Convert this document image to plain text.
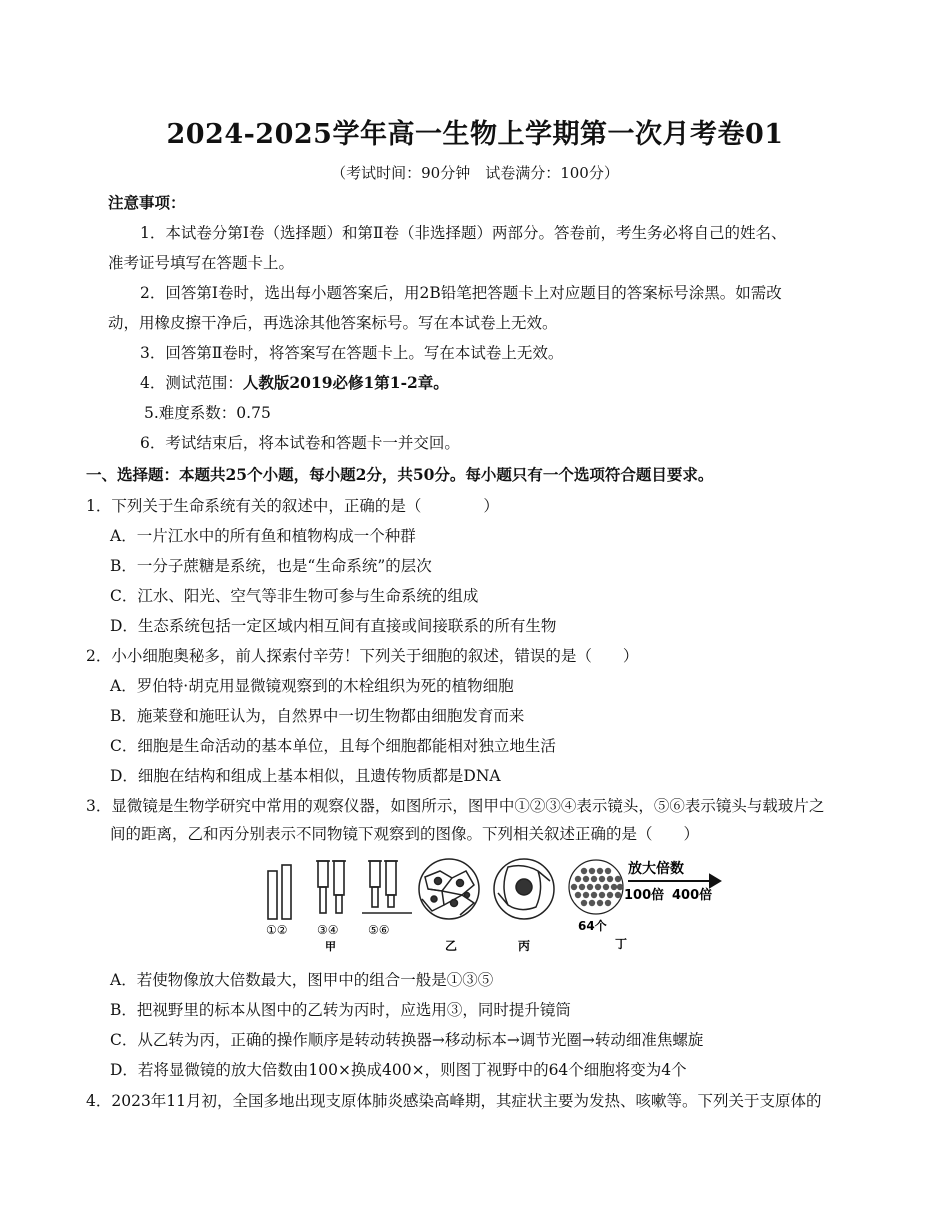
2024-2025学年高一生物上学期第一次月考卷01
（考试时间：90分钟　试卷满分：100分）
注意事项：
1．本试卷分第Ⅰ卷（选择题）和第Ⅱ卷（非选择题）两部分。答卷前，考生务必将自己的姓名、
准考证号填写在答题卡上。
2．回答第Ⅰ卷时，选出每小题答案后，用2B铅笔把答题卡上对应题目的答案标号涂黑。如需改
动，用橡皮擦干净后，再选涂其他答案标号。写在本试卷上无效。
3．回答第Ⅱ卷时，将答案写在答题卡上。写在本试卷上无效。
4．测试范围：人教版2019必修1第1-2章。
5.难度系数：0.75
6．考试结束后，将本试卷和答题卡一并交回。
一、选择题：本题共25个小题，每小题2分，共50分。每小题只有一个选项符合题目要求。
1．下列关于生命系统有关的叙述中，正确的是（　　　　）
A．一片江水中的所有鱼和植物构成一个种群
B．一分子蔗糖是系统，也是“生命系统”的层次
C．江水、阳光、空气等非生物可参与生命系统的组成
D．生态系统包括一定区域内相互间有直接或间接联系的所有生物
2．小小细胞奥秘多，前人探索付辛劳！下列关于细胞的叙述，错误的是（　　）
A．罗伯特·胡克用显微镜观察到的木栓组织为死的植物细胞
B．施莱登和施旺认为，自然界中一切生物都由细胞发育而来
C．细胞是生命活动的基本单位，且每个细胞都能相对独立地生活
D．细胞在结构和组成上基本相似，且遗传物质都是DNA
3．显微镜是生物学研究中常用的观察仪器，如图所示，图甲中①②③④表示镜头，⑤⑥表示镜头与载玻片之
间的距离，乙和丙分别表示不同物镜下观察到的图像。下列相关叙述正确的是（　　）
①② ③④ ⑤⑥
甲	乙	丙
64个
丁
放大倍数
100倍 400倍
A．若使物像放大倍数最大，图甲中的组合一般是①③⑤
B．把视野里的标本从图中的乙转为丙时，应选用③，同时提升镜筒
C．从乙转为丙，正确的操作顺序是转动转换器→移动标本→调节光圈→转动细准焦螺旋
D．若将显微镜的放大倍数由100×换成400×，则图丁视野中的64个细胞将变为4个
4．2023年11月初，全国多地出现支原体肺炎感染高峰期，其症状主要为发热、咳嗽等。下列关于支原体的
